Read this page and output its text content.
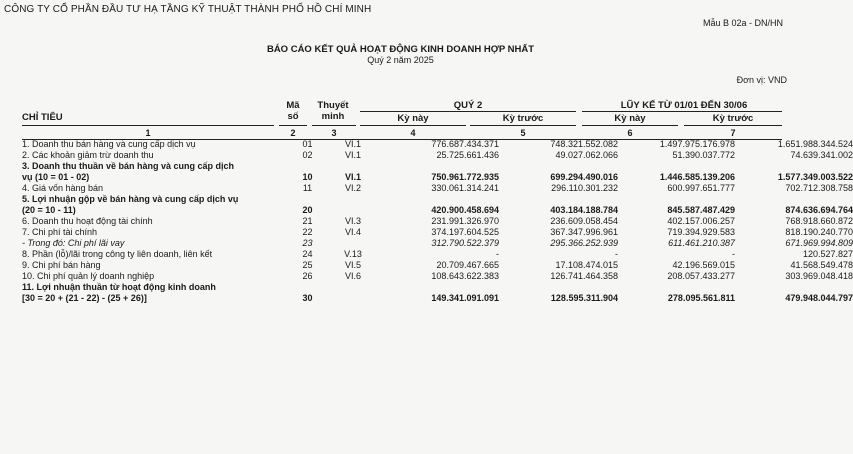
CÔNG TY CỔ PHẦN ĐẦU TƯ HẠ TẦNG KỸ THUẬT THÀNH PHỐ HỒ CHÍ MINH
Mẫu B 02a - DN/HN
BÁO CÁO KẾT QUẢ HOẠT ĐỘNG KINH DOANH HỢP NHẤT
Quý 2 năm 2025
Đơn vị: VND
CHỈ TIÊU
Mã
số
Thuyết
minh
QUÝ 2	LŨY KẾ TỪ 01/01 ĐẾN 30/06
Kỳ này	Kỳ trước	Kỳ này	Kỳ trước
1	2	3	4	5	6	7
1. Doanh thu bán hàng và cung cấp dịch vụ	01	VI.1	776.687.434.371		748.321.552.082		1.497.975.176.978		1.651.988.344.524
2. Các khoản giảm trừ doanh thu	02	VI.1	25.725.661.436		49.027.062.066		51.390.037.772		74.639.341.002
3. Doanh thu thuần về bán hàng và cung cấp dịch									
vụ (10 = 01 - 02)	10	VI.1	750.961.772.935		699.294.490.016		1.446.585.139.206		1.577.349.003.522
4. Giá vốn hàng bán	11	VI.2	330.061.314.241		296.110.301.232		600.997.651.777		702.712.308.758
5. Lợi nhuận gộp về bán hàng và cung cấp dịch vụ									
(20 = 10 - 11)	20		420.900.458.694		403.184.188.784		845.587.487.429		874.636.694.764
6. Doanh thu hoạt động tài chính	21	VI.3	231.991.326.970		236.609.058.454		402.157.006.257		768.918.660.872
7. Chi phí tài chính	22	VI.4	374.197.604.525		367.347.996.961		719.394.929.583		818.190.240.770
- Trong đó: Chi phí lãi vay	23		312.790.522.379		295.366.252.939		611.461.210.387		671.969.994.809
8. Phần (lỗ)/lãi trong công ty liên doanh, liên kết	24	V.13	-		-		-		120.527.827
9. Chi phí bán hàng	25	VI.5	20.709.467.665		17.108.474.015		42.196.569.015		41.568.549.478
10. Chi phí quản lý doanh nghiệp	26	VI.6	108.643.622.383		126.741.464.358		208.057.433.277		303.969.048.418
11. Lợi nhuận thuần từ hoạt động kinh doanh									
[30 = 20 + (21 - 22) - (25 + 26)]	30		149.341.091.091		128.595.311.904		278.095.561.811		479.948.044.797
